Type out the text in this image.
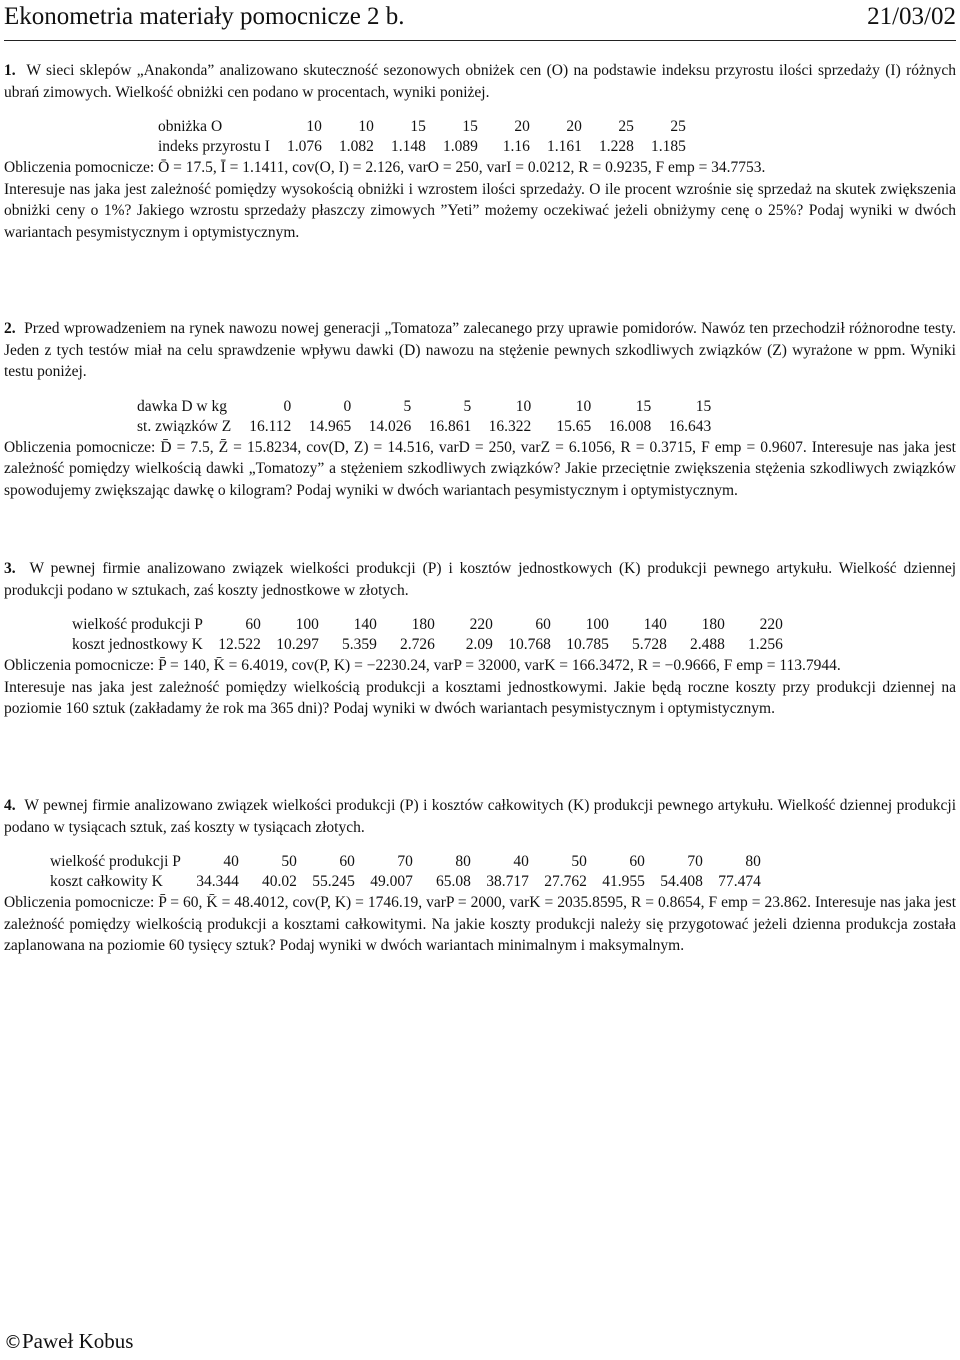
Ekonometria materiały pomocnicze 2 b.	21/03/02

1. W sieci sklepów „Anakonda” analizowano skuteczność sezonowych obniżek cen (O) na podstawie indeksu przyrostu ilości sprzedaży (I) różnych ubrań zimowych. Wielkość obniżki cen podano w procentach, wyniki poniżej.

obniżka O	10	10	15	15	20	20	25	25
indeks przyrostu I	1.076	1.082	1.148	1.089	1.16	1.161	1.228	1.185

Obliczenia pomocnicze: Ō = 17.5, Ī = 1.1411, cov(O, I) = 2.126, varO = 250, varI = 0.0212, R = 0.9235, F emp = 34.7753.

Interesuje nas jaka jest zależność pomiędzy wysokością obniżki i wzrostem ilości sprzedaży. O ile procent wzrośnie się sprzedaż na skutek zwiększenia obniżki ceny o 1%? Jakiego wzrostu sprzedaży płaszczy zimowych ”Yeti” możemy oczekiwać jeżeli obniżymy cenę o 25%? Podaj wyniki w dwóch wariantach pesymistycznym i optymistycznym.

2. Przed wprowadzeniem na rynek nawozu nowej generacji „Tomatoza” zalecanego przy uprawie pomidorów. Nawóz ten przechodził różnorodne testy. Jeden z tych testów miał na celu sprawdzenie wpływu dawki (D) nawozu na stężenie pewnych szkodliwych związków (Z) wyrażone w ppm. Wyniki testu poniżej.

dawka D w kg	0	0	5	5	10	10	15	15
st. związków Z	16.112	14.965	14.026	16.861	16.322	15.65	16.008	16.643

Obliczenia pomocnicze: D̄ = 7.5, Z̄ = 15.8234, cov(D, Z) = 14.516, varD = 250, varZ = 6.1056, R = 0.3715, F emp = 0.9607. Interesuje nas jaka jest zależność pomiędzy wielkością dawki „Tomatozy” a stężeniem szkodliwych związków? Jakie przeciętnie zwiększenia stężenia szkodliwych związków spowodujemy zwiększając dawkę o kilogram? Podaj wyniki w dwóch wariantach pesymistycznym i optymistycznym.

3. W pewnej firmie analizowano związek wielkości produkcji (P) i kosztów jednostkowych (K) produkcji pewnego artykułu. Wielkość dziennej produkcji podano w sztukach, zaś koszty jednostkowe w złotych.

wielkość produkcji P	60	100	140	180	220	60	100	140	180	220
koszt jednostkowy K	12.522	10.297	5.359	2.726	2.09	10.768	10.785	5.728	2.488	1.256

Obliczenia pomocnicze: P̄ = 140, K̄ = 6.4019, cov(P, K) = −2230.24, varP = 32000, varK = 166.3472, R = −0.9666, F emp = 113.7944.

Interesuje nas jaka jest zależność pomiędzy wielkością produkcji a kosztami jednostkowymi. Jakie będą roczne koszty przy produkcji dziennej na poziomie 160 sztuk (zakładamy że rok ma 365 dni)? Podaj wyniki w dwóch wariantach pesymistycznym i optymistycznym.

4. W pewnej firmie analizowano związek wielkości produkcji (P) i kosztów całkowitych (K) produkcji pewnego artykułu. Wielkość dziennej produkcji podano w tysiącach sztuk, zaś koszty w tysiącach złotych.

wielkość produkcji P	40	50	60	70	80	40	50	60	70	80
koszt całkowity K	34.344	40.02	55.245	49.007	65.08	38.717	27.762	41.955	54.408	77.474

Obliczenia pomocnicze: P̄ = 60, K̄ = 48.4012, cov(P, K) = 1746.19, varP = 2000, varK = 2035.8595, R = 0.8654, F emp = 23.862. Interesuje nas jaka jest zależność pomiędzy wielkością produkcji a kosztami całkowitymi. Na jakie koszty produkcji należy się przygotować jeżeli dzienna produkcja została zaplanowana na poziomie 60 tysięcy sztuk? Podaj wyniki w dwóch wariantach minimalnym i maksymalnym.

©Paweł Kobus
